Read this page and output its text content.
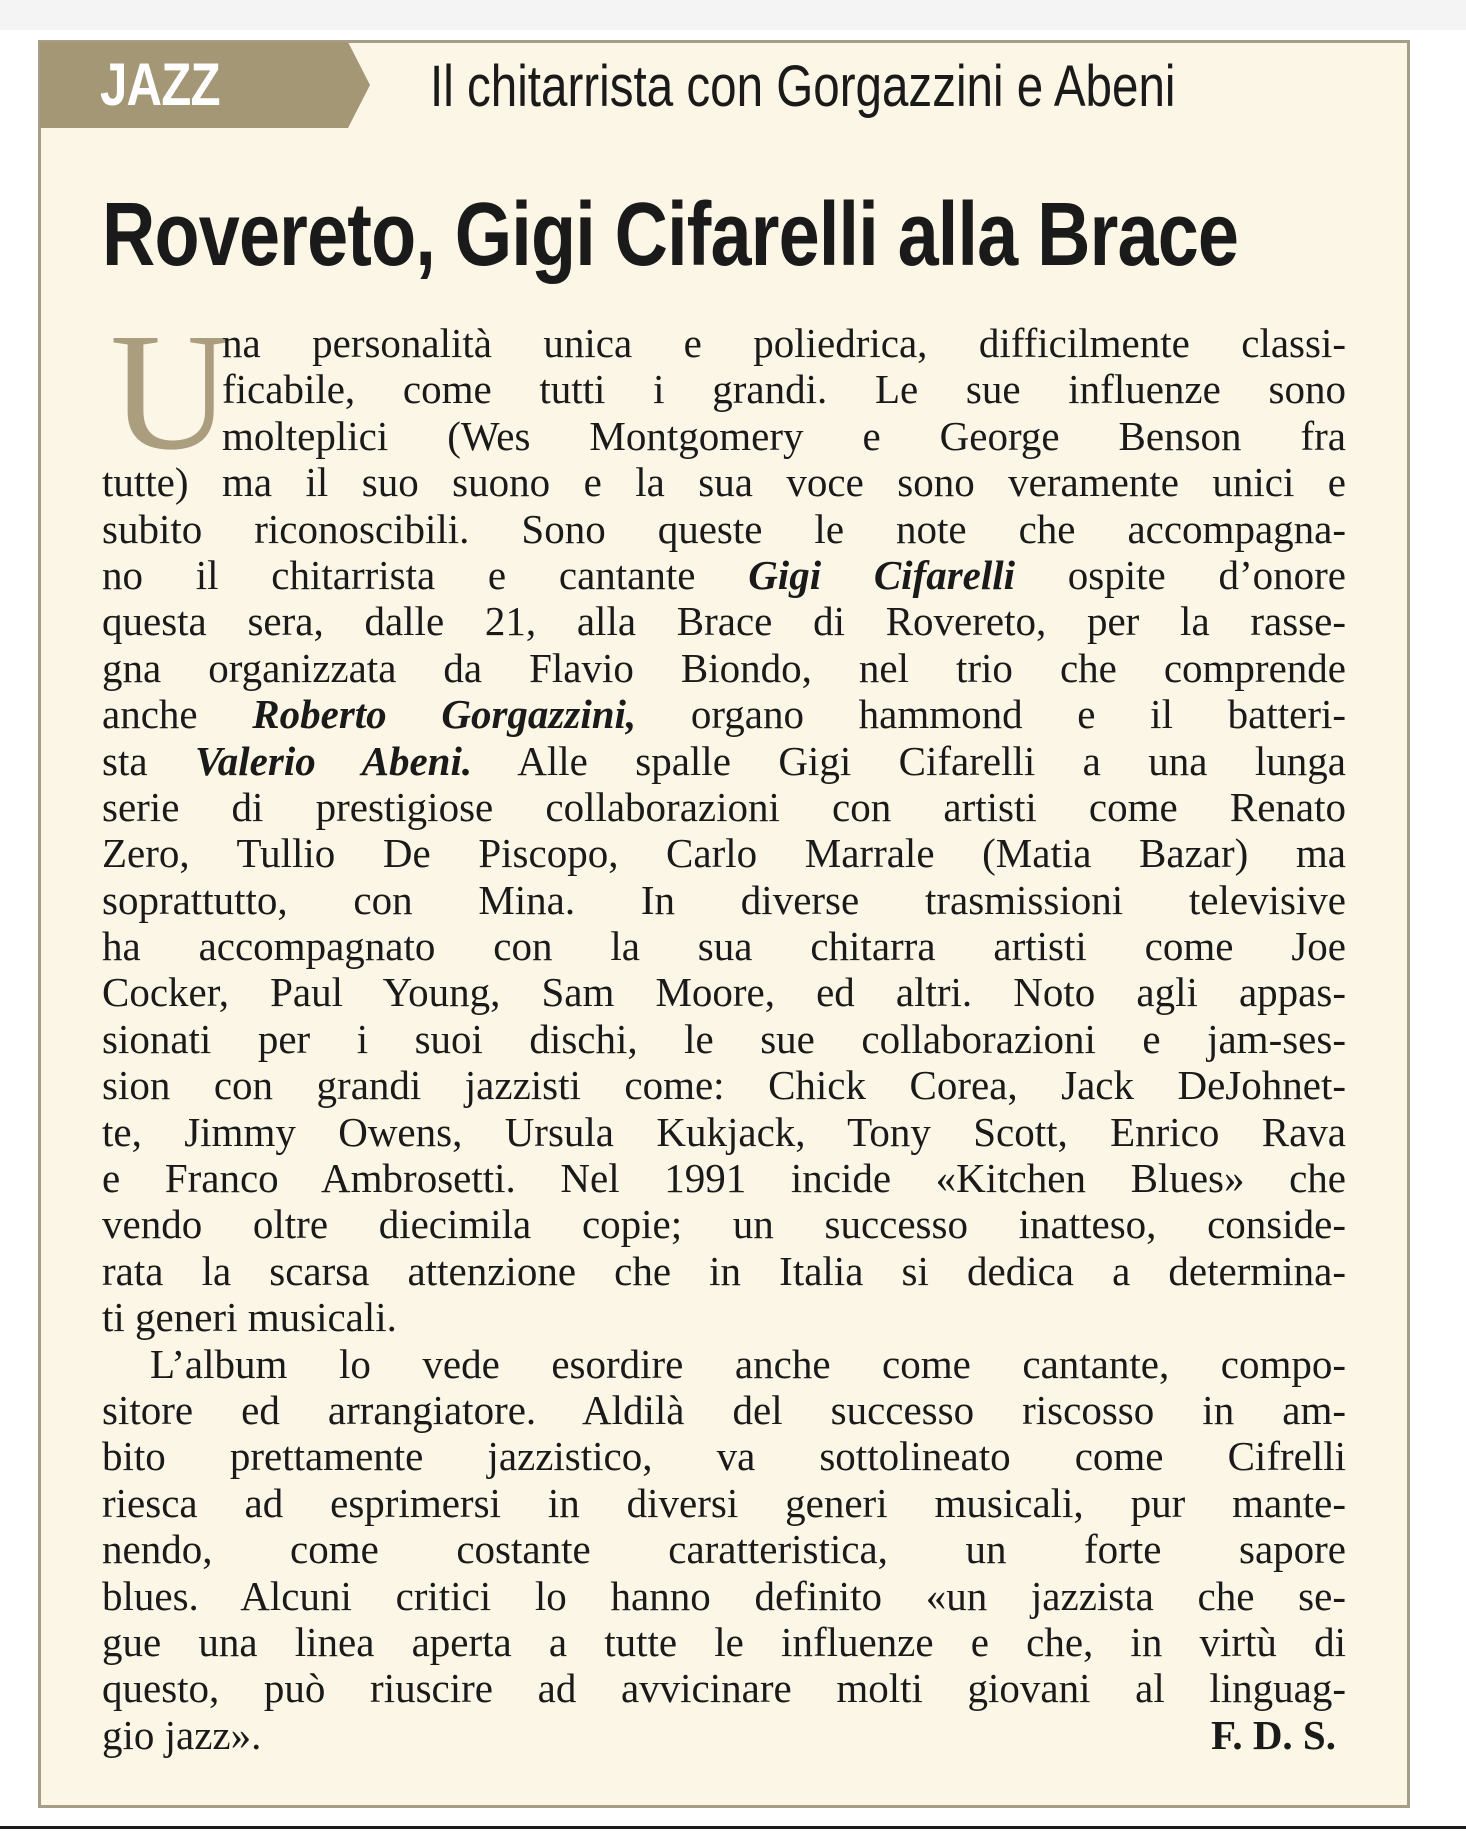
JAZZ	Il chitarrista con Gorgazzini e Abeni
Rovereto, Gigi Cifarelli alla Brace
U
na personalità unica e poliedrica, difficilmente classi-
ficabile, come tutti i grandi. Le sue influenze sono
molteplici (Wes Montgomery e George Benson fra
tutte) ma il suo suono e la sua voce sono veramente unici e
subito riconoscibili. Sono queste le note che accompagna-
no il chitarrista e cantante Gigi Cifarelli ospite d’onore
questa sera, dalle 21, alla Brace di Rovereto, per la rasse-
gna organizzata da Flavio Biondo, nel trio che comprende
anche Roberto Gorgazzini, organo hammond e il batteri-
sta Valerio Abeni. Alle spalle Gigi Cifarelli a una lunga
serie di prestigiose collaborazioni con artisti come Renato
Zero, Tullio De Piscopo, Carlo Marrale (Matia Bazar) ma
soprattutto, con Mina. In diverse trasmissioni televisive
ha accompagnato con la sua chitarra artisti come Joe
Cocker, Paul Young, Sam Moore, ed altri. Noto agli appas-
sionati per i suoi dischi, le sue collaborazioni e jam-ses-
sion con grandi jazzisti come: Chick Corea, Jack DeJohnet-
te, Jimmy Owens, Ursula Kukjack, Tony Scott, Enrico Rava
e Franco Ambrosetti. Nel 1991 incide «Kitchen Blues» che
vendo oltre diecimila copie; un successo inatteso, conside-
rata la scarsa attenzione che in Italia si dedica a determina-
ti generi musicali.
L’album lo vede esordire anche come cantante, compo-
sitore ed arrangiatore. Aldilà del successo riscosso in am-
bito prettamente jazzistico, va sottolineato come Cifrelli
riesca ad esprimersi in diversi generi musicali, pur mante-
nendo, come costante caratteristica, un forte sapore
blues. Alcuni critici lo hanno definito «un jazzista che se-
gue una linea aperta a tutte le influenze e che, in virtù di
questo, può riuscire ad avvicinare molti giovani al linguag-
gio jazz».	F. D. S.
